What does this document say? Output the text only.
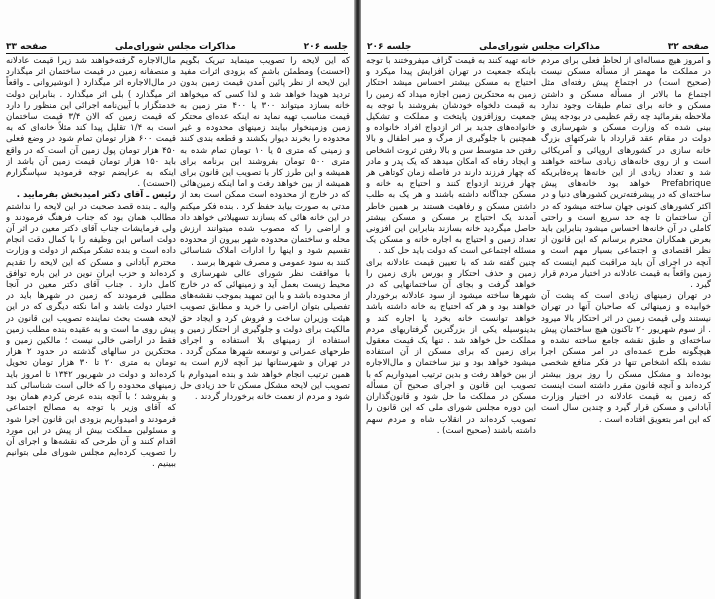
جلسه ۲۰۶
مذاکرات مجلس شورای‌ملی
صفحه ۳۳

که این لایحه را تصویب مینماید تبریک بگویم (احسنت) ومطمئن باشم که بزودی اثرات مفید این لایحه از نظر پائین آمدن قیمت زمین بدون تردید هویدا خواهد شد و لذا کسی که میخواهد خانه بسازد میتواند ۳۰۰ یا ۴۰۰ متر زمین به قیمت مناسب تهیه نماید نه اینکه عده‌ای محتکر زمین وزمینخوار بیایند زمینهای محدوده و غیر محدوده را بخرند دیوار بکشند و قطعه بندی کنند و زمینی که متری ۵ یا ۱۰ تومان تمام شده به متری ۵۰۰ تومان بفروشند این برنامه برای همیشه و این طرز کار با تصویب این قانون برای همیشه از بین خواهد رفت و اما اینکه زمین‌هائی که در خارج از محدوده است ممکن است بعد از مدتی به صورت بیابد حفظ کرد . بنده فکر میکنم در این خانه هائی که بسازند تسهیلاتی خواهد داد و اراضی را که مصوب شده میتوانند ارزش محله و ساختمان محدوده شهر بیرون از محدوده تقسیم شود و اینها را ادارات املاک شناسائی کنند به سود عمومی و مصرف شهرها برسد .

با موافقت نظر شورای عالی شهرسازی و محیط زیست بعمل آید و زمینهائی که در خارج از محدوده باشد و با این تمهید بموجب نقشه‌های تفصیلی بتوان اراضی را خرید و مطابق تصویب هیئت وزیران ساخت و فروش کرد و ایجاد حق مالکیت برای دولت و جلوگیری از احتکار زمین و استفاده از زمینهای بلا استفاده و اجرای طرحهای عمرانی و توسعه شهرها ممکن گردد . در تهران و شهرستانها نیز آنچه لازم است به همین ترتیب انجام خواهد شد و بنده امیدوارم با تصویب این لایحه مشکل مسکن تا حد زیادی حل شود و مردم از نعمت خانه برخوردار گردند .

مال‌الاجاره گرفته‌خواهند شد زیرا قیمت عادلانه و منصفانه زمین در قیمت ساختمان اثر میگذارد در مال‌الاجاره اثر میگذارد ( انوشیروانی ـ واقعاً اثر میگذارد ) بلی اثر میگذارد . بنابراین دولت خدمتگزار با آیین‌نامه اجرائی این منظور را دارد که قیمت زمین که الان ۳/۴ قیمت ساختمان است به ۱/۴ تقلیل پیدا کند مثلاً خانه‌ای که به قیمت ۶۰۰ هزار تومان تمام شود در وضع فعلی ۴۵۰ هزار تومان پول زمین آن است که در واقع باید ۱۵۰ هزار تومان قیمت زمین آن باشد از اینکه به عرایضم توجه فرمودید سپاسگزارم (احسنت) .

رئیس ـ آقای دکتر امیدبخش بفرمایید .

والیه ـ بنده قصد صحبت در این لایحه را نداشتم مطالب همان بود که جناب فرهنگ فرمودند و ولی فرمایشات جناب آقای دکتر معین در اثر آن دولت اساس این وظیفه را با کمال دقت انجام داده است و بنده تشکر میکنم از دولت و وزارت محترم آبادانی و مسکن که این لایحه را تقدیم کرده‌اند و حزب ایران نوین در این باره توافق کامل دارد . جناب آقای دکتر معین در آنجا مطلبی فرمودند که زمین در شهرها باید در اختیار دولت باشد و اما نکته دیگری که در این لایحه هست بحث نماینده تصویب این قانون در پیش روی ما است و به عقیده بنده مطلب زمین فقط در اراضی خالی نیست ؛ مالکین زمین و محتکرین در سالهای گذشته در حدود ۲ هزار تومان به متری ۲۰ تا ۳۰ هزار تومان تحویل کرده‌اند و دولت در شهریور ۱۳۴۲ تا امروز باید زمینهای محدوده را که خالی است شناسائی کند و بفروشد ؛ با آنچه بنده عرض کردم همان بود که آقای وزیر با توجه به مصالح اجتماعی فرمودند و امیدواریم بزودی این قانون اجرا شود و مسئولین مملکت بیش از پیش در این مورد اقدام کنند و آن طرحی که نقشه‌ها و اجرای آن را تصویب کرده‌ایم مجلس شورای ملی بتوانیم ببینیم .

صفحه ۳۲
مذاکرات مجلس شورای‌ملی
جلسه ۲۰۶

و امروز هیچ مسأله‌ای از لحاظ فعلی برای مردم در مملکت ما مهمتر از مسأله مسکن نیست (صحیح است) در اجتماع پیش رفته‌ای مثل اجتماع ما بالاتر از مسأله مسکن و داشتن مسکن و خانه برای تمام طبقات وجود ندارد ملاحظه بفرمائید چه رقم عظیمی در بودجه پیش بینی شده که وزارت مسکن و شهرسازی و دولت در مقام عقد قرارداد با شرکتهای بزرگ خانه سازی در کشورهای اروپائی و آمریکائی است و از روی خانه‌های زیادی ساخته خواهند شد و تعداد زیادی از این خانه‌ها پره‌فابریکه Prefabrique خواهد بود خانه‌های پیش ساخته‌ای که در پیشرفته‌ترین کشورهای دنیا و در اکثر کشورهای کنونی جهان ساخته میشود که در آن ساختمان تا چه حد سریع است و راحتی کاملی در آن خانه‌ها احساس میشود بنابراین باید بعرض همکاران محترم برسانم که این قانون از نظر اقتصادی و اجتماعی بسیار مهم است و آنچه در اجرای آن باید مراقبت کنیم اینست که زمین واقعاً به قیمت عادلانه در اختیار مردم قرار گیرد .

در تهران زمینهای زیادی است که پشت آن خوابیده و زمینهائی که صاحبان آنها در تهران نیستند ولی قیمت زمین در اثر احتکار بالا میرود . از سوم شهریور ۲۰ تاکنون هیچ ساختمان پیش ساخته‌ای و طبق نقشه جامع ساخته نشده و هیچگونه طرح عمده‌ای در امر مسکن اجرا نشده بلکه اشخاص تنها در فکر منافع شخصی بوده‌اند و مشکل مسکن را روز بروز بیشتر کرده‌اند و آنچه قانون مقرر داشته است اینست که زمین به قیمت عادلانه در اختیار وزارت آبادانی و مسکن قرار گیرد و چندین سال است که این امر بتعویق افتاده است .

خانه تهیه کنند به قیمت گزاف میفروختند با توجه باینکه جمعیت در تهران افزایش پیدا میکرد و احتیاج به مسکن بیشتر احساس میشد احتکار زمین به محتکرین زمین اجازه میداد که زمین را به قیمت دلخواه خودشان بفروشند با توجه به جمعیت روزافزون پایتخت و مملکت و تشکیل خانواده‌های جدید بر اثر ازدواج افراد خانواده و همچنین با جلوگیری از مرگ و میر اطفال و بالا رفتن حد متوسط سن و بالا رفتن ثروت اشخاص و ایجاد رفاه که امکان میدهد که یک پدر و مادر که چهار فرزند دارند در فاصله زمان کوتاهی هر چهار فرزند ازدواج کنند و احتیاج به خانه و مسکن جداگانه داشته باشند و هر یک به طلب داشتن مسکن و رفاهیت هستند بر همین خاطر آمدند یک احتیاج بر مسکن و مسکن بیشتر حاصل میگردید خانه بسازند بنابراین این افزونی تعداد زمین و احتیاج به اجاره خانه و مسکن یک مسئله اجتماعی است که دولت باید حل کند .

چنین گفته شد که با تعیین قیمت عادلانه برای زمین و حذف احتکار و بورس بازی زمین را خواهد گرفت و بجای آن ساختمانهایی که در شهرها ساخته میشود از سود عادلانه برخوردار خواهند بود و هر که احتیاج به خانه داشته باشد خواهد توانست خانه بخرد یا اجاره کند و بدینوسیله یکی از بزرگترین گرفتاریهای مردم مملکت حل خواهد شد . تنها یک قیمت معقول برای زمین که برای مسکن از آن استفاده میشود خواهد بود و نیز ساختمان و مال‌الاجاره از بین خواهد رفت و بدین ترتیب امیدواریم که با تصویب این قانون و اجرای صحیح آن مسأله مسکن در مملکت ما حل شود و قانون‌گذاران این دوره مجلس شورای ملی که این قانون را تصویب کرده‌اند در انقلاب شاه و مردم سهم داشته باشند (صحیح است) .
